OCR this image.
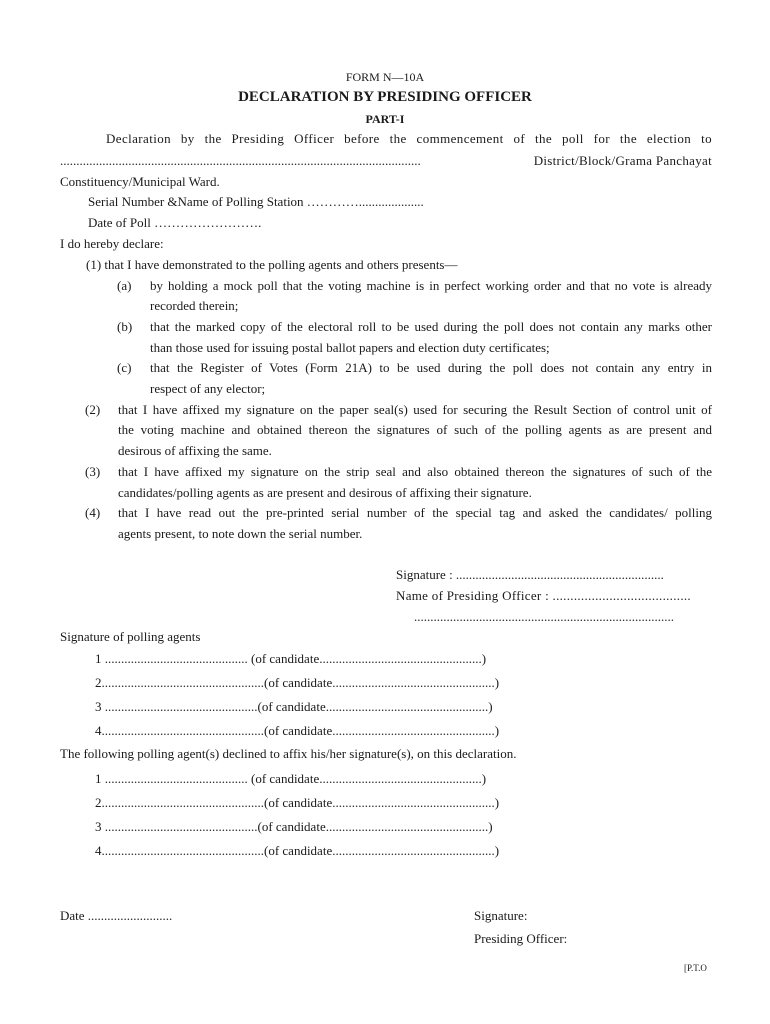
FORM N—10A
DECLARATION BY PRESIDING OFFICER
PART-I
Declaration by the Presiding Officer before the commencement of the poll for the election to
...............................................................................................................	District/Block/Grama Panchayat
Constituency/Municipal Ward.
Serial Number &Name of Polling Station …………....................
Date of Poll …………………….
I do hereby declare:
(1) that I have demonstrated to the polling agents and others presents—
(a) by holding a mock poll that the voting machine is in perfect working order and that no vote is already
recorded therein;
(b) that the marked copy of the electoral roll to be used during the poll does not contain any marks other
than those used for issuing postal ballot papers and election duty certificates;
(c) that the Register of Votes (Form 21A) to be used during the poll does not contain any entry in
respect of any elector;
(2) that I have affixed my signature on the paper seal(s) used for securing the Result Section of control unit of
the voting machine and obtained thereon the signatures of such of the polling agents as are present and
desirous of affixing the same.
(3) that I have affixed my signature on the strip seal and also obtained thereon the signatures of such of the
candidates/polling agents as are present and desirous of affixing their signature.
(4) that I have read out the pre-printed serial number of the special tag and asked the candidates/ polling
agents present, to note down the serial number.
Signature : ................................................................
Name of Presiding Officer : .......................................
................................................................................
Signature of polling agents
1 ............................................ (of candidate..................................................)
2..................................................(of candidate..................................................)
3 ...............................................(of candidate..................................................)
4..................................................(of candidate..................................................)
The following polling agent(s) declined to affix his/her signature(s), on this declaration.
1 ............................................ (of candidate..................................................)
2..................................................(of candidate..................................................)
3 ...............................................(of candidate..................................................)
4..................................................(of candidate..................................................)
Date ..........................	Signature:
Presiding Officer:
[P.T.O
